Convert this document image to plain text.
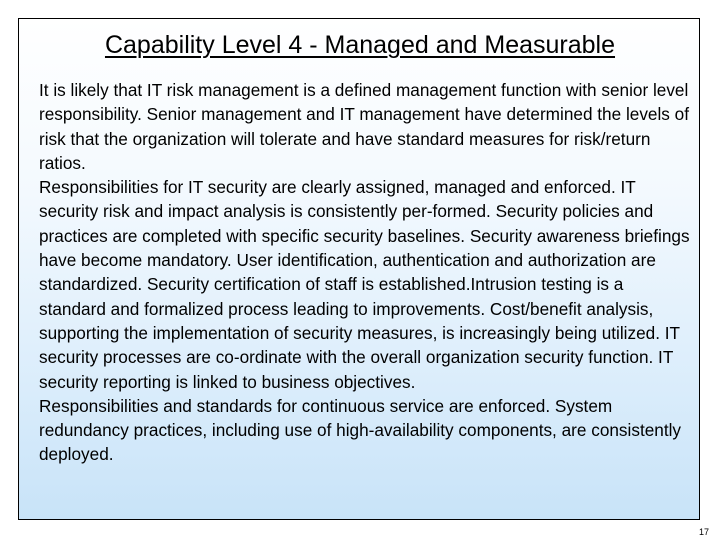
Capability Level 4 - Managed and Measurable

It is likely that IT risk management is a defined management function with senior level responsibility. Senior management and IT management have determined the levels of risk that the organization will tolerate and have standard measures for risk/return ratios.

Responsibilities for IT security are clearly assigned, managed and enforced. IT security risk and impact analysis is consistently per-formed. Security policies and practices are completed with specific security baselines. Security awareness briefings have become mandatory. User identification, authentication and authorization are standardized. Security certification of staff is established.Intrusion testing is a standard and formalized process leading to improvements. Cost/benefit analysis, supporting the implementation of security measures, is increasingly being utilized. IT security processes are co-ordinate with the overall organization security function. IT security reporting is linked to business objectives.

Responsibilities and standards for continuous service are enforced. System redundancy practices, including use of high-availability components, are consistently deployed.

17
